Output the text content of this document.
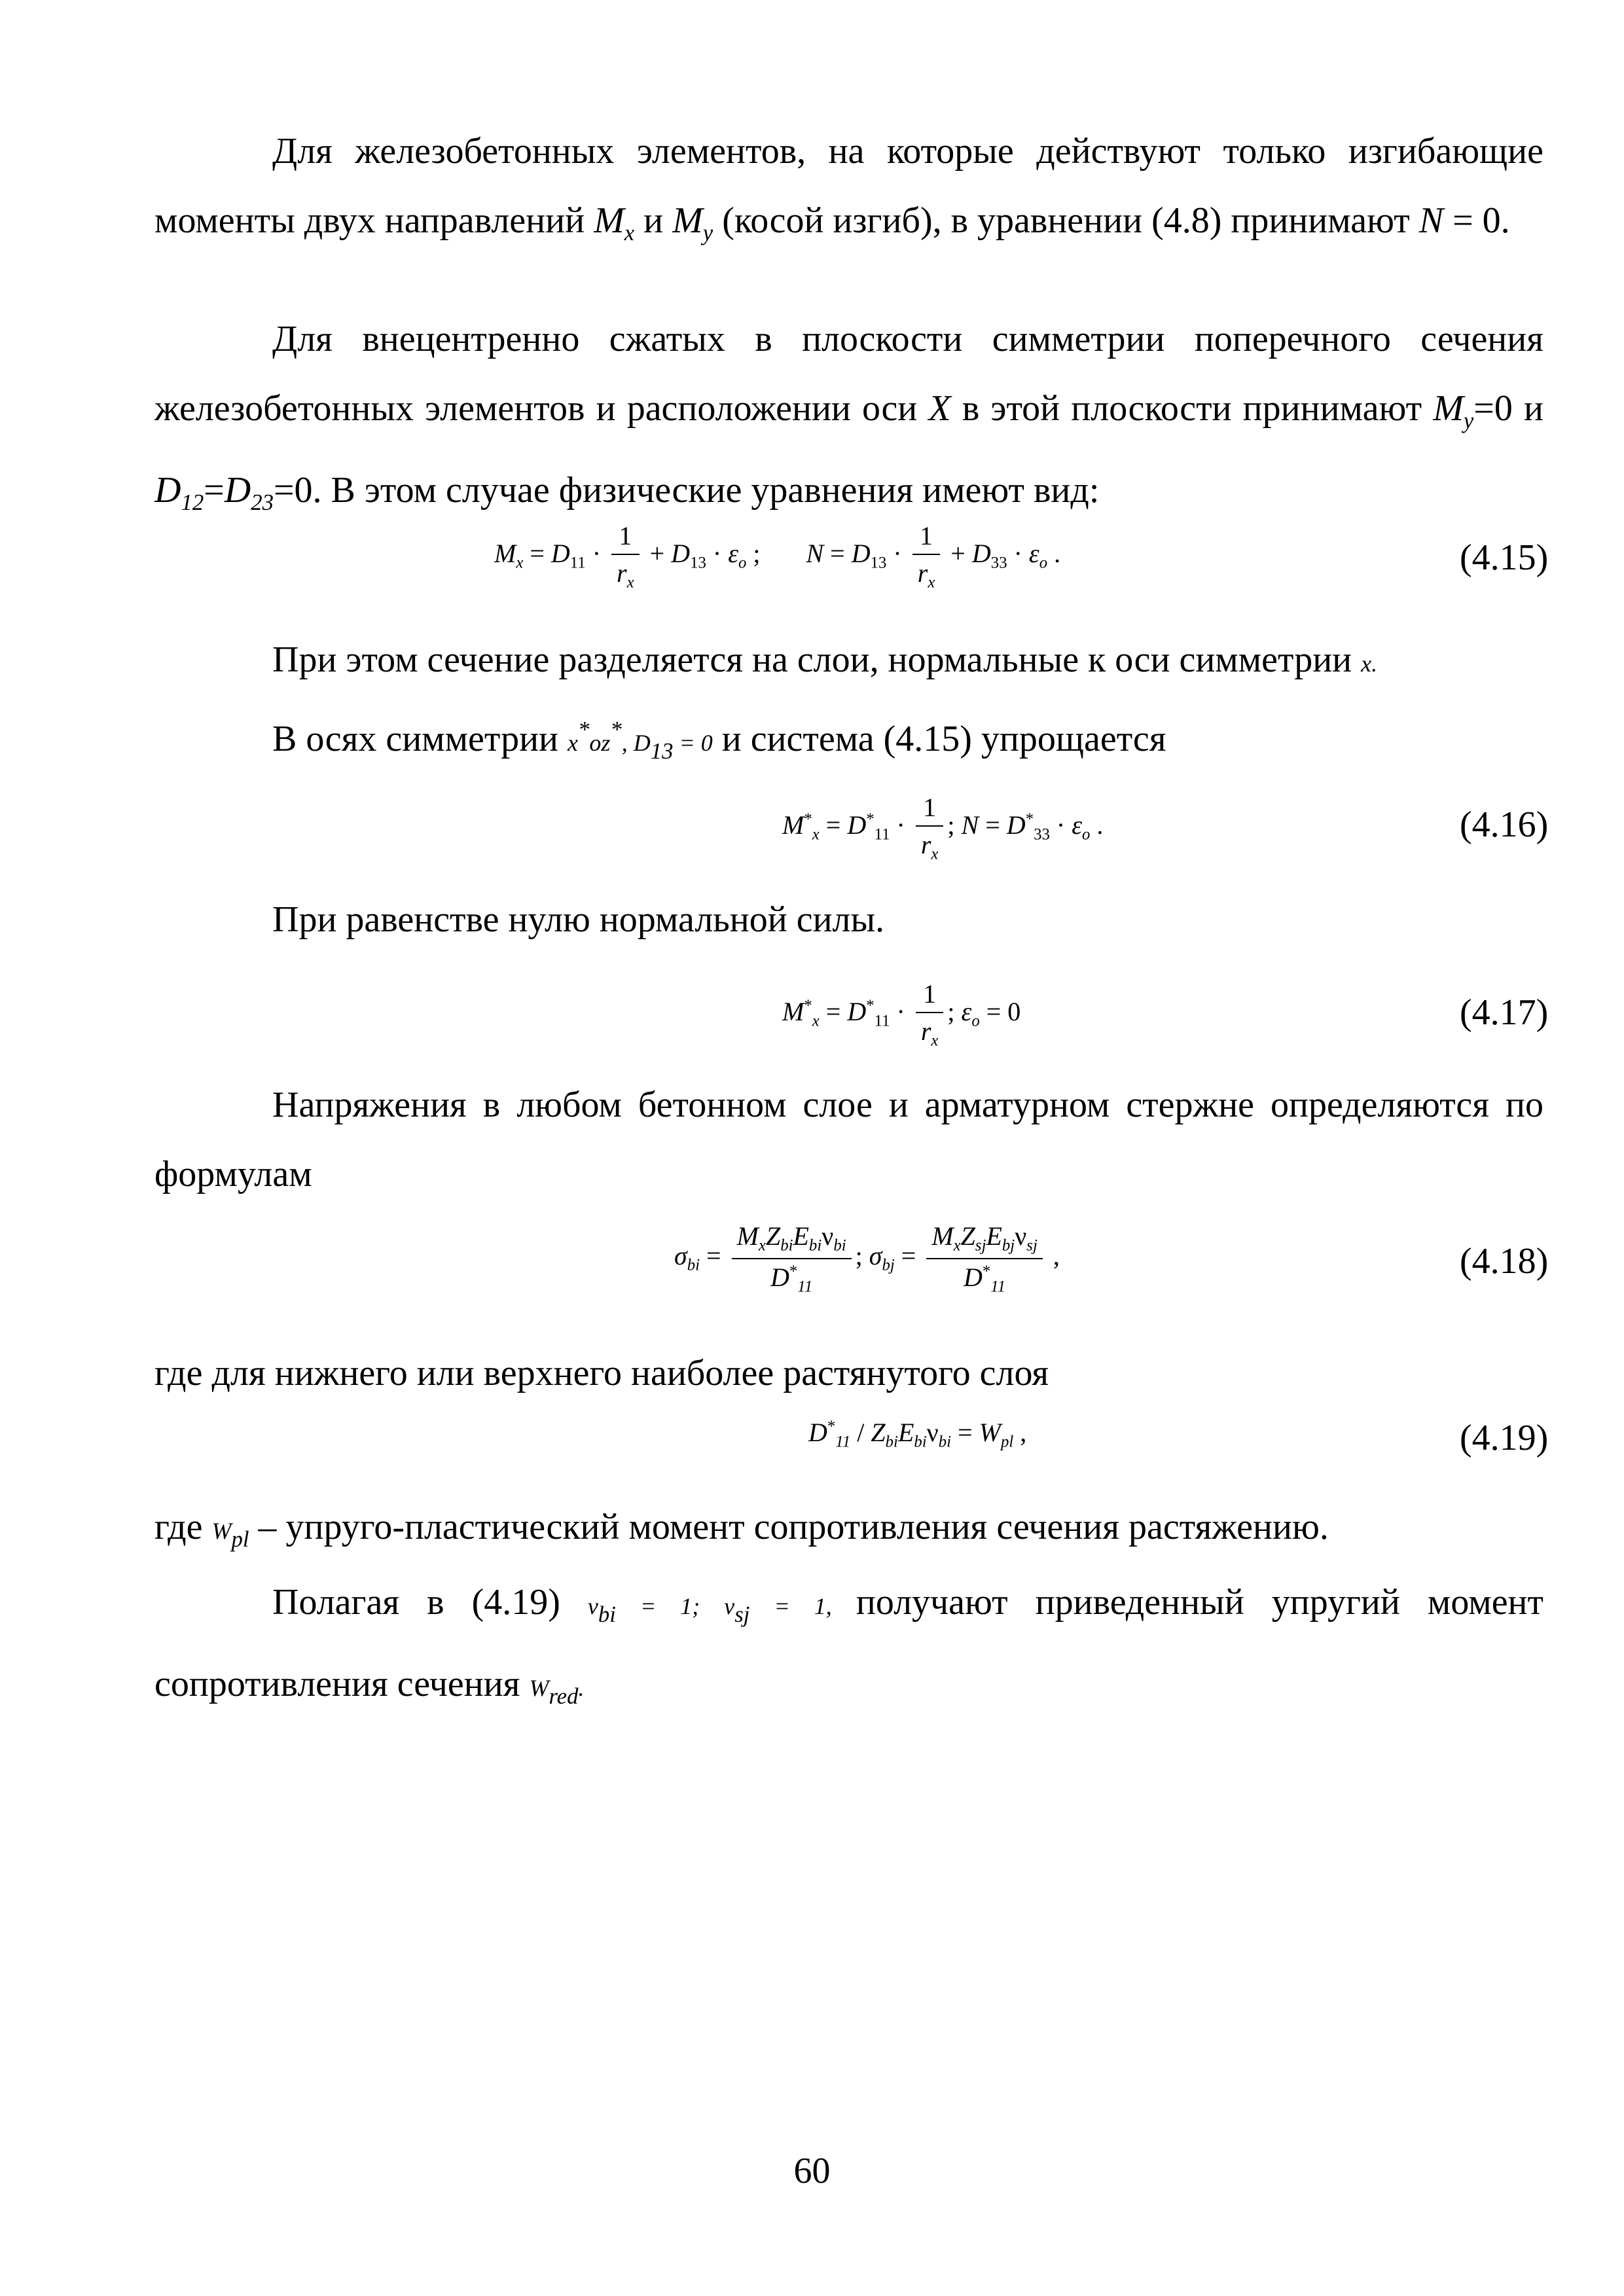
Для железобетонных элементов, на которые действуют только изгибающие моменты двух направлений $M_x$ и $M_y$ (косой изгиб), в уравнении (4.8) принимают N = 0.

Для внецентренно сжатых в плоскости симметрии поперечного сечения железобетонных элементов и расположении оси X в этой плоскости принимают $M_y=0$ и $D_{12}=D_{23}=0$. В этом случае физические уравнения имеют вид:

$M_x = D_{11} \cdot \frac{1}{r_x} + D_{13} \cdot \varepsilon_o$ ; $N = D_{13} \cdot \frac{1}{r_x} + D_{33} \cdot \varepsilon_o$ .	(4.15)

При этом сечение разделяется на слои, нормальные к оси симметрии x.

В осях симметрии x*oz*, $D_{13} = 0$ и система (4.15) упрощается

$M^*_x = D^*_{11} \cdot \frac{1}{r_x}$ ; $N = D^*_{33} \cdot \varepsilon_o$ .	(4.16)

При равенстве нулю нормальной силы.

$M^*_x = D^*_{11} \cdot \frac{1}{r_x}$ ; $\varepsilon_o = 0$	(4.17)

Напряжения в любом бетонном слое и арматурном стержне определяются по формулам

$\sigma_{bi} = \frac{M_xZ_{bi}E_{bi}\nu_{bi}}{D^*_{11}}$ ; $\sigma_{bj} = \frac{M_xZ_{sj}E_{bj}\nu_{sj}}{D^*_{11}}$ ,	(4.18)

где для нижнего или верхнего наиболее растянутого слоя

$D^*_{11} / Z_{bi}E_{bi}\nu_{bi} = W_{pl}$ ,	(4.19)

где $W_{pl}$ – упруго-пластический момент сопротивления сечения растяжению.

Полагая в (4.19) $\nu_{bi} = 1$; $\nu_{sj} = 1$, получают приведенный упругий момент сопротивления сечения $W_{red}$.

60
